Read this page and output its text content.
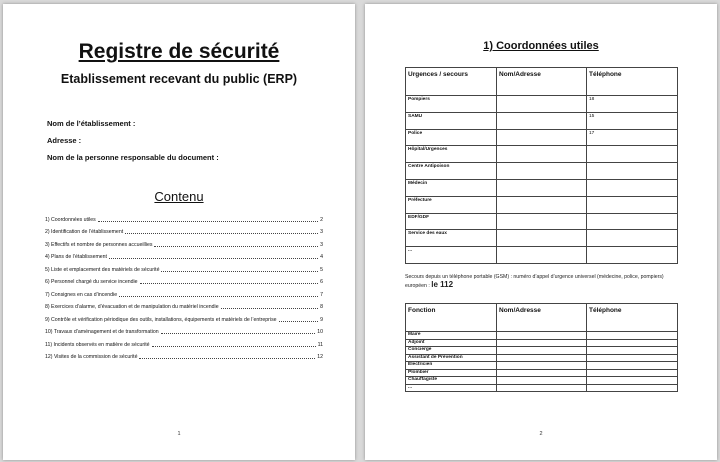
Registre de sécurité
Etablissement recevant du public (ERP)
Nom de l’établissement :
Adresse :
Nom de la personne responsable du document :
Contenu
1) Coordonnées utiles	2
2) Identification de l’établissement	3
3) Effectifs et nombre de personnes accueillies	3
4) Plans de l’établissement	4
5) Liste et emplacement des matériels de sécurité	5
6) Personnel chargé du service incendie	6
7) Consignes en cas d’incendie	7
8) Exercices d’alarme, d’évacuation et de manipulation du matériel incendie	8
9) Contrôle et vérification périodique des outils, installations, équipements et matériels de l’entreprise	9
10) Travaux d’aménagement et de transformation	10
11) Incidents observés en matière de sécurité	11
12) Visites de la commission de sécurité	12
1
1) Coordonnées utiles
Urgences / secours	Nom/Adresse	Téléphone
Pompiers		18
SAMU		15
Police		17
Hôpital/Urgences		
Centre Antipoison		
Médecin		
Préfecture		
EDF/GDF		
Service des eaux		
...		
Secours depuis un téléphone portable (GSM) : numéro d’appel d’urgence universel (médecine, police, pompiers) européen : le 112
Fonction	Nom/Adresse	Téléphone
Maire		
Adjoint		
Concierge		
Assistant de Prévention		
Electricien		
Plombier		
Chauffagiste		
...		
2
